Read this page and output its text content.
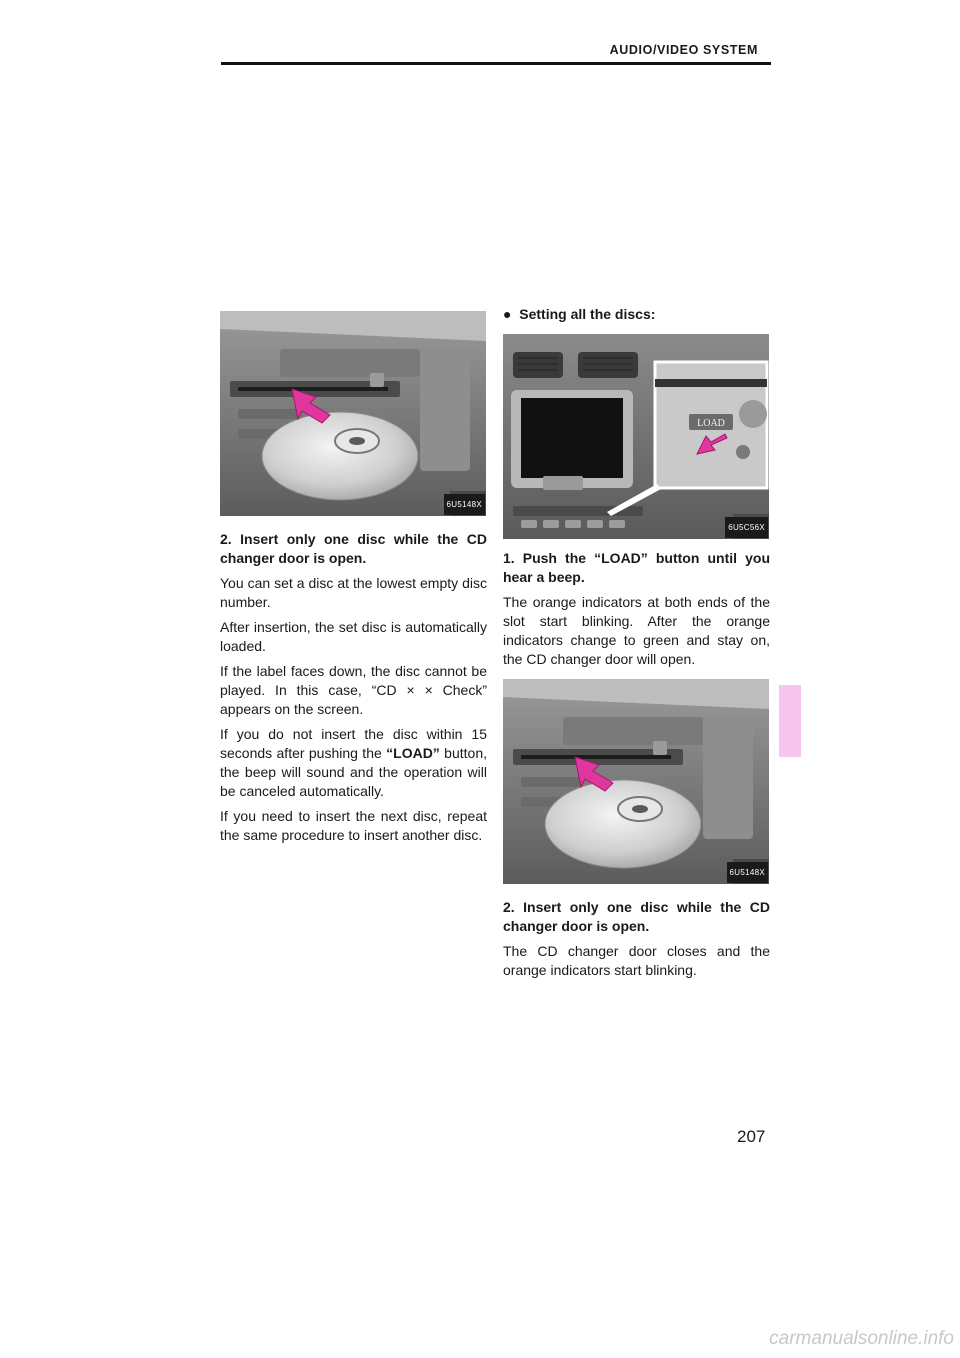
AUDIO/VIDEO SYSTEM
6U5148X

2. Insert only one disc while the CD changer door is open.

You can set a disc at the lowest empty disc number.

After insertion, the set disc is automatically loaded.

If the label faces down, the disc cannot be played. In this case, “CD × × Check” appears on the screen.

If you do not insert the disc within 15 seconds after pushing the “LOAD” button, the beep will sound and the operation will be canceled automatically.

If you need to insert the next disc, repeat the same procedure to insert another disc.

● Setting all the discs:

LOAD
6U5C56X

1. Push the “LOAD” button until you hear a beep.

The orange indicators at both ends of the slot start blinking. After the orange indicators change to green and stay on, the CD changer door will open.

6U5148X

2. Insert only one disc while the CD changer door is open.

The CD changer door closes and the orange indicators start blinking.

207
carmanualsonline.info
